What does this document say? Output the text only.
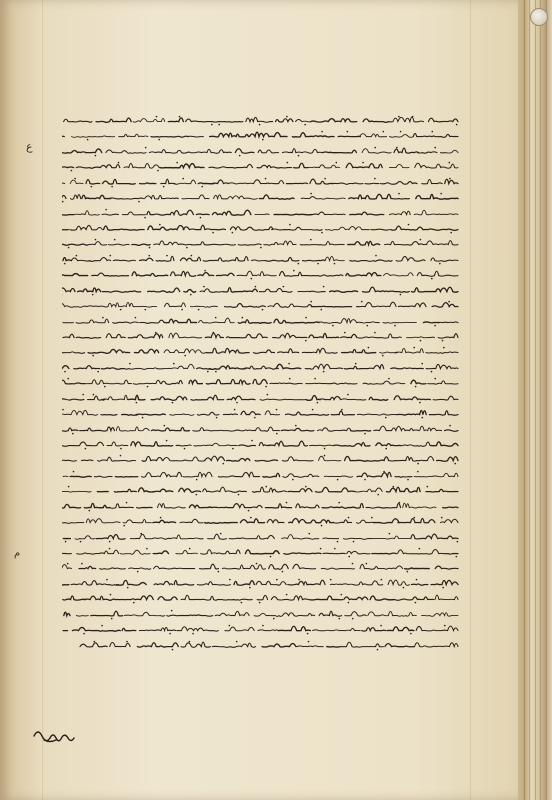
ع
م
